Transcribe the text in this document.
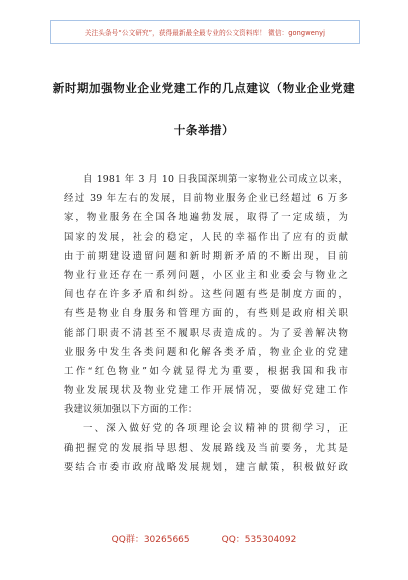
关注头条号“公文研究”，获得最新最全最专业的公文资料库！ 微信：gongwenyj
新时期加强物业企业党建工作的几点建议（物业企业党建
十条举措）
自 1981 年 3 月 10 日我国深圳第一家物业公司成立以来，
经过 39 年左右的发展，目前物业服务企业已经超过 6 万多
家，物业服务在全国各地遍勃发展，取得了一定成绩，为
国家的发展，社会的稳定，人民的幸福作出了应有的贡献
由于前期建设遗留问题和新时期新矛盾的不断出现，目前
物业行业还存在一系列问题，小区业主和业委会与物业之
间也存在许多矛盾和纠纷。这些问题有些是制度方面的，
有些是物业自身服务和管理方面的，有些则是政府相关职
能部门职责不清甚至不履职尽责造成的。为了妥善解决物
业服务中发生各类问题和化解各类矛盾，物业企业的党建
工作“红色物业”如今就显得尤为重要，根据我国和我市
物业发展现状及物业党建工作开展情况，要做好党建工作
我建议须加强以下方面的工作：
一、深入做好党的各项理论会议精神的贯彻学习，正
确把握党的发展指导思想、发展路线及当前要务，尤其是
要结合市委市政府战略发展规划，建言献策，积极做好政
QQ群：30265665	QQ：535304092
